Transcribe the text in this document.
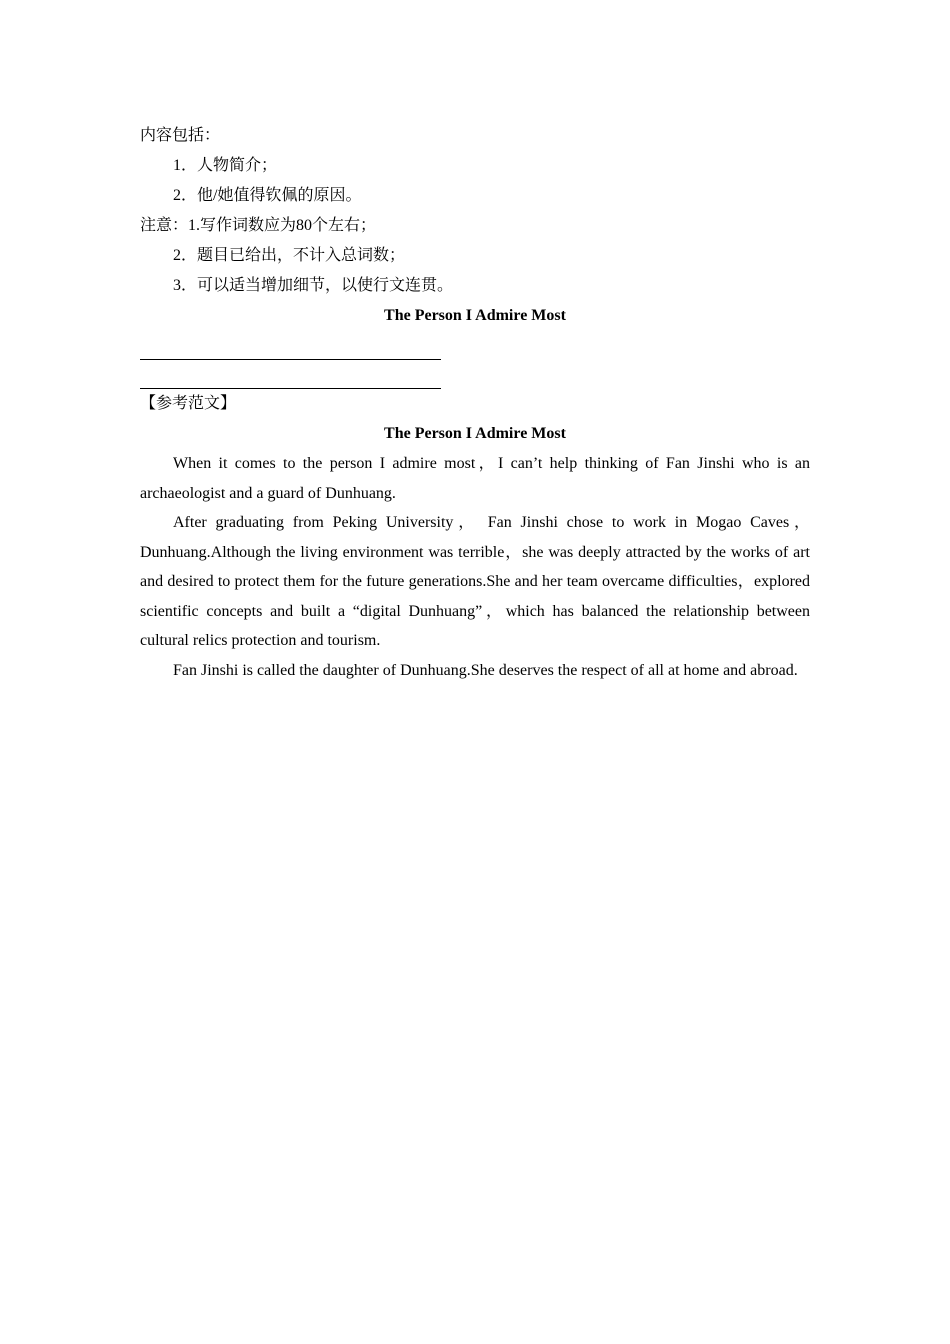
内容包括：

1．人物简介；

2．他/她值得钦佩的原因。

注意：1.写作词数应为80个左右；

2．题目已给出，不计入总词数；

3．可以适当增加细节，以使行文连贯。

The Person I Admire Most

【参考范文】

The Person I Admire Most

When it comes to the person I admire most，I can’t help thinking of Fan Jinshi who is an archaeologist and a guard of Dunhuang.

After graduating from Peking University， Fan Jinshi chose to work in Mogao Caves，Dunhuang.Although the living environment was terrible，she was deeply attracted by the works of art and desired to protect them for the future generations.She and her team overcame difficulties，explored scientific concepts and built a “digital Dunhuang”，which has balanced the relationship between cultural relics protection and tourism.

Fan Jinshi is called the daughter of Dunhuang.She deserves the respect of all at home and abroad.
